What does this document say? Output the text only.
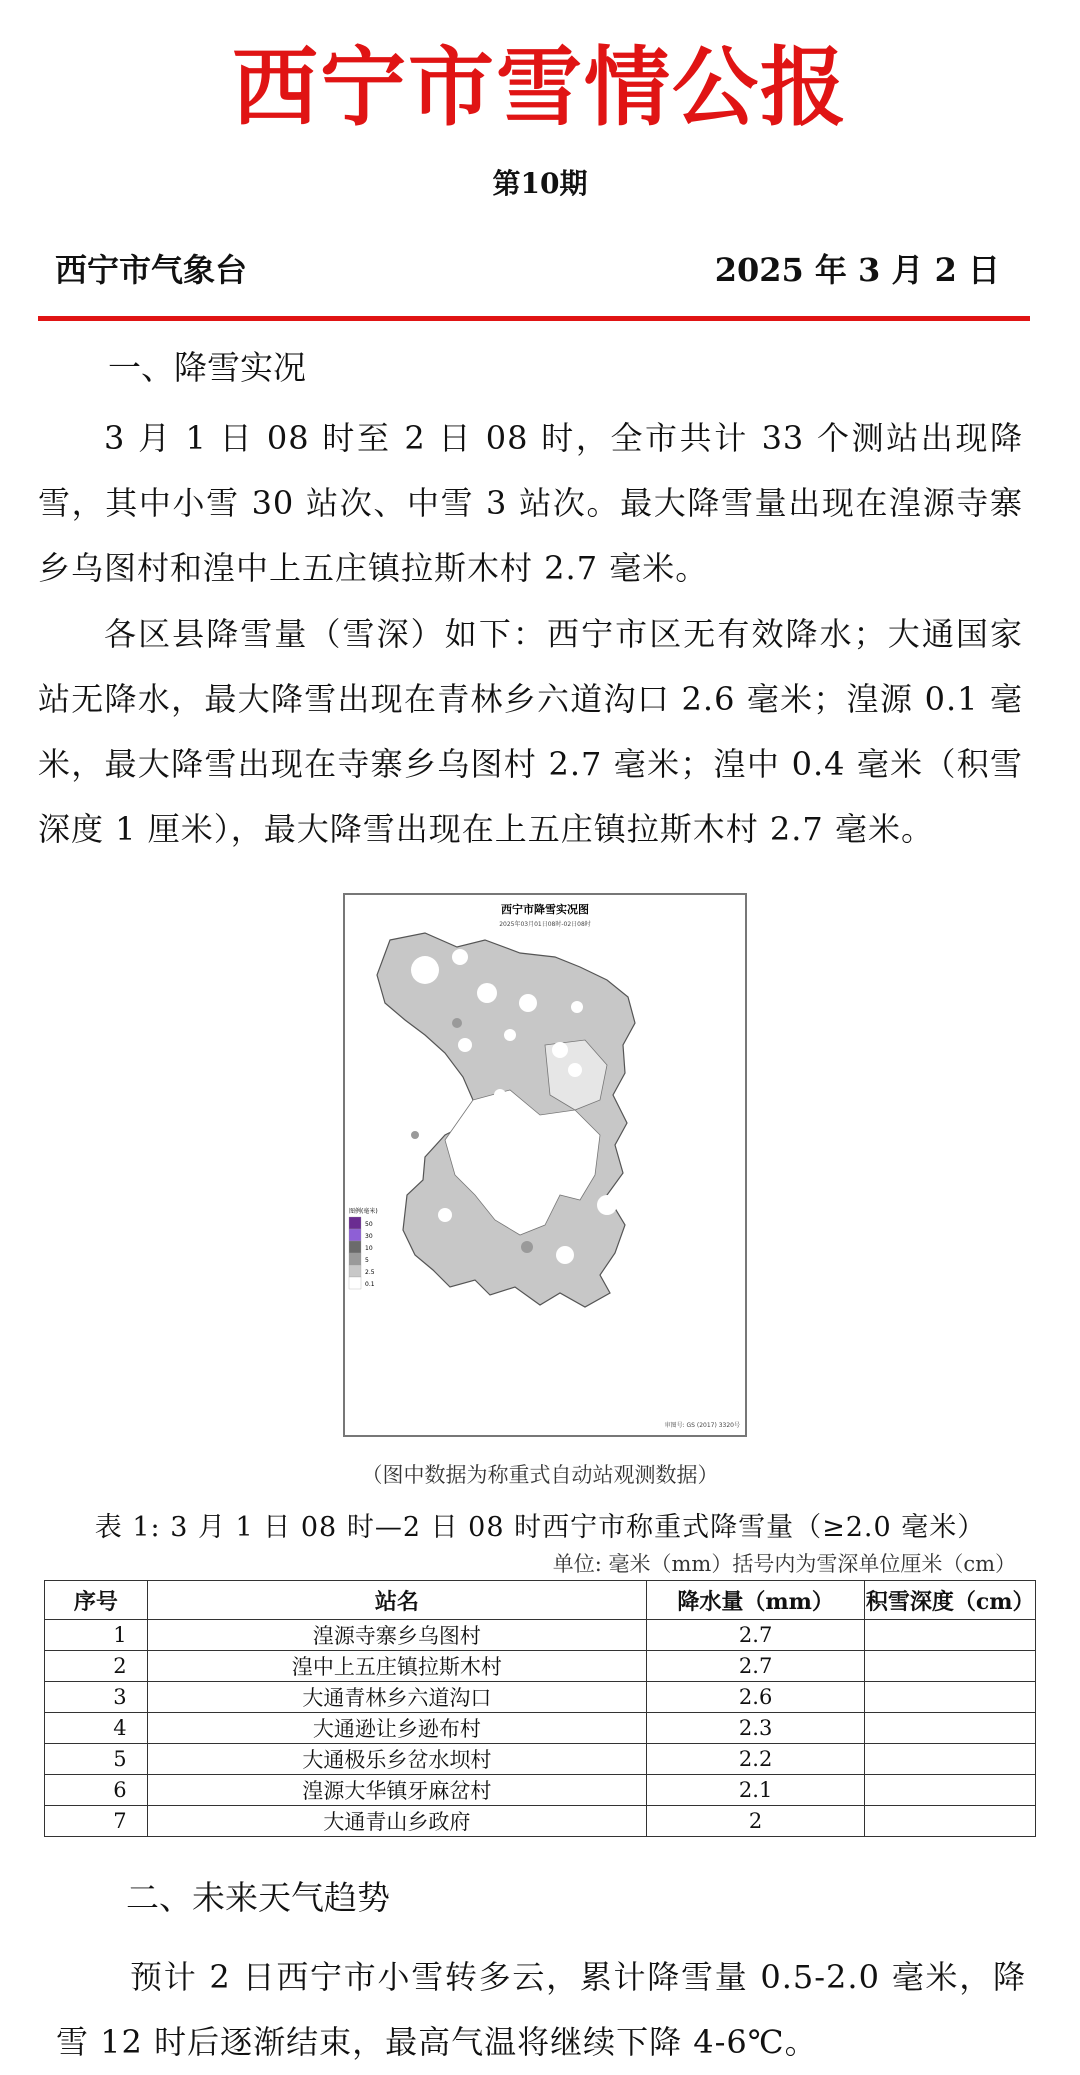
西宁市雪情公报
第10期
西宁市气象台	2025 年 3 月 2 日
一、降雪实况
3 月 1 日 08 时至 2 日 08 时，全市共计 33 个测站出现降雪，其中小雪 30 站次、中雪 3 站次。最大降雪量出现在湟源寺寨乡乌图村和湟中上五庄镇拉斯木村 2.7 毫米。
各区县降雪量（雪深）如下：西宁市区无有效降水；大通国家站无降水，最大降雪出现在青林乡六道沟口 2.6 毫米；湟源 0.1 毫米，最大降雪出现在寺寨乡乌图村 2.7 毫米；湟中 0.4 毫米（积雪深度 1 厘米），最大降雪出现在上五庄镇拉斯木村 2.7 毫米。
西宁市降雪实况图
2025年03月01日08时-02日08时
图例(毫米)
50
30
10
5
2.5
0.1
审图号: GS (2017) 3320号
（图中数据为称重式自动站观测数据）
表 1: 3 月 1 日 08 时—2 日 08 时西宁市称重式降雪量（≥2.0 毫米）
单位: 毫米（mm）括号内为雪深单位厘米（cm）
序号	站名	降水量（mm）	积雪深度（cm）
1	湟源寺寨乡乌图村	2.7	
2	湟中上五庄镇拉斯木村	2.7	
3	大通青林乡六道沟口	2.6	
4	大通逊让乡逊布村	2.3	
5	大通极乐乡岔水坝村	2.2	
6	湟源大华镇牙麻岔村	2.1	
7	大通青山乡政府	2	
二、未来天气趋势
预计 2 日西宁市小雪转多云，累计降雪量 0.5-2.0 毫米，降雪 12 时后逐渐结束，最高气温将继续下降 4-6℃。
